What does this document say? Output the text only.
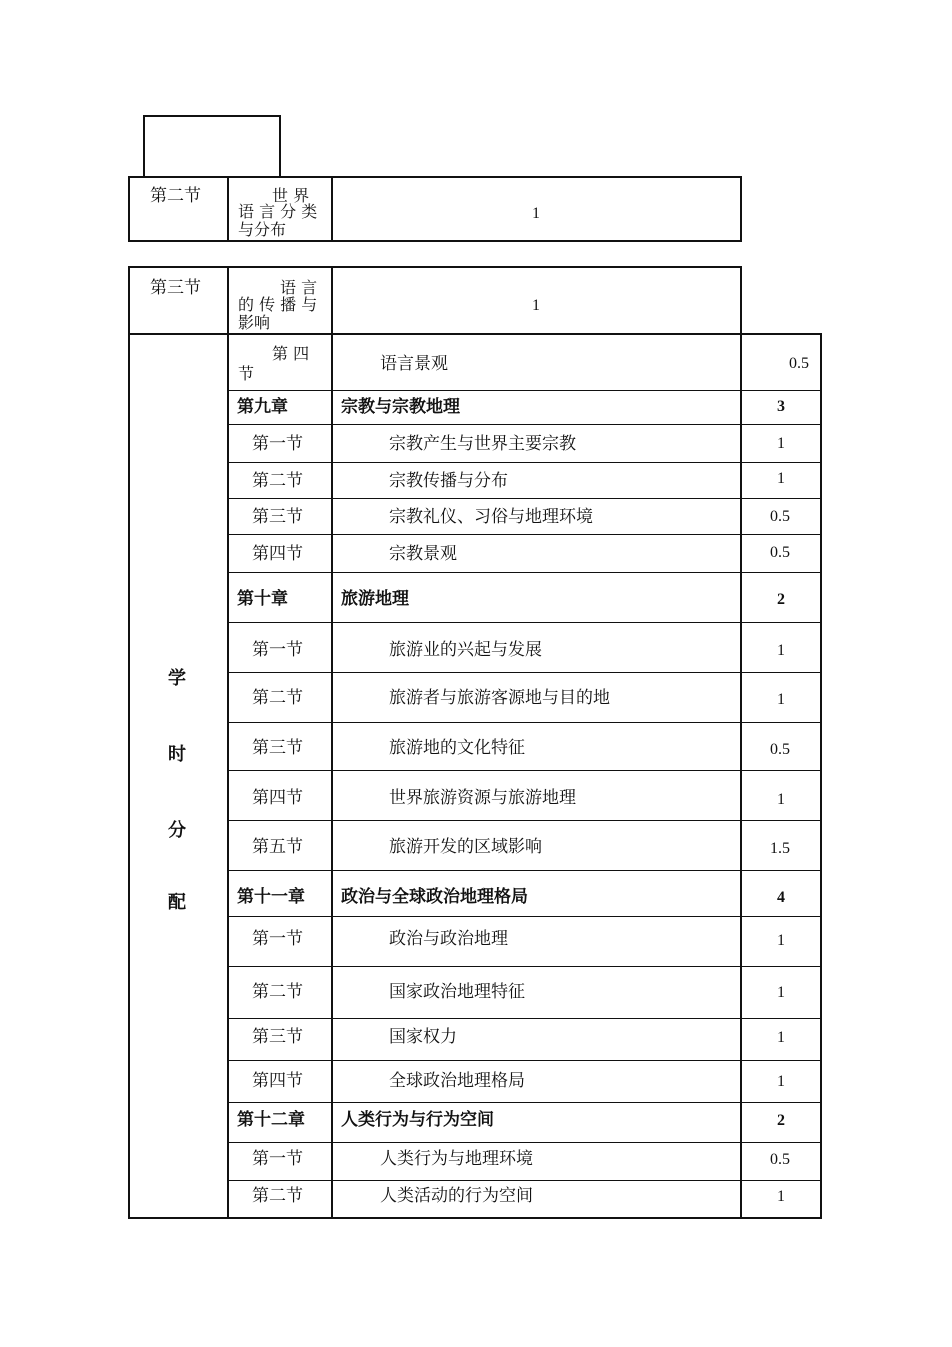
第二节	世 界
语 言 分 类
与分布
1
第三节	语 言
的 传 播 与
影响
1
学
时
分
配
第 四
节	语言景观	0.5
第九章	宗教与宗教地理	3
第一节	宗教产生与世界主要宗教	1
第二节	宗教传播与分布	1
第三节	宗教礼仪、习俗与地理环境	0.5
第四节	宗教景观	0.5
第十章	旅游地理	2
第一节	旅游业的兴起与发展	1
第二节	旅游者与旅游客源地与目的地	1
第三节	旅游地的文化特征	0.5
第四节	世界旅游资源与旅游地理	1
第五节	旅游开发的区域影响	1.5
第十一章 政治与全球政治地理格局	4
第一节	政治与政治地理	1
第二节	国家政治地理特征	1
第三节	国家权力	1
第四节	全球政治地理格局	1
第十二章 人类行为与行为空间	2
第一节	人类行为与地理环境	0.5
第二节	人类活动的行为空间	1
